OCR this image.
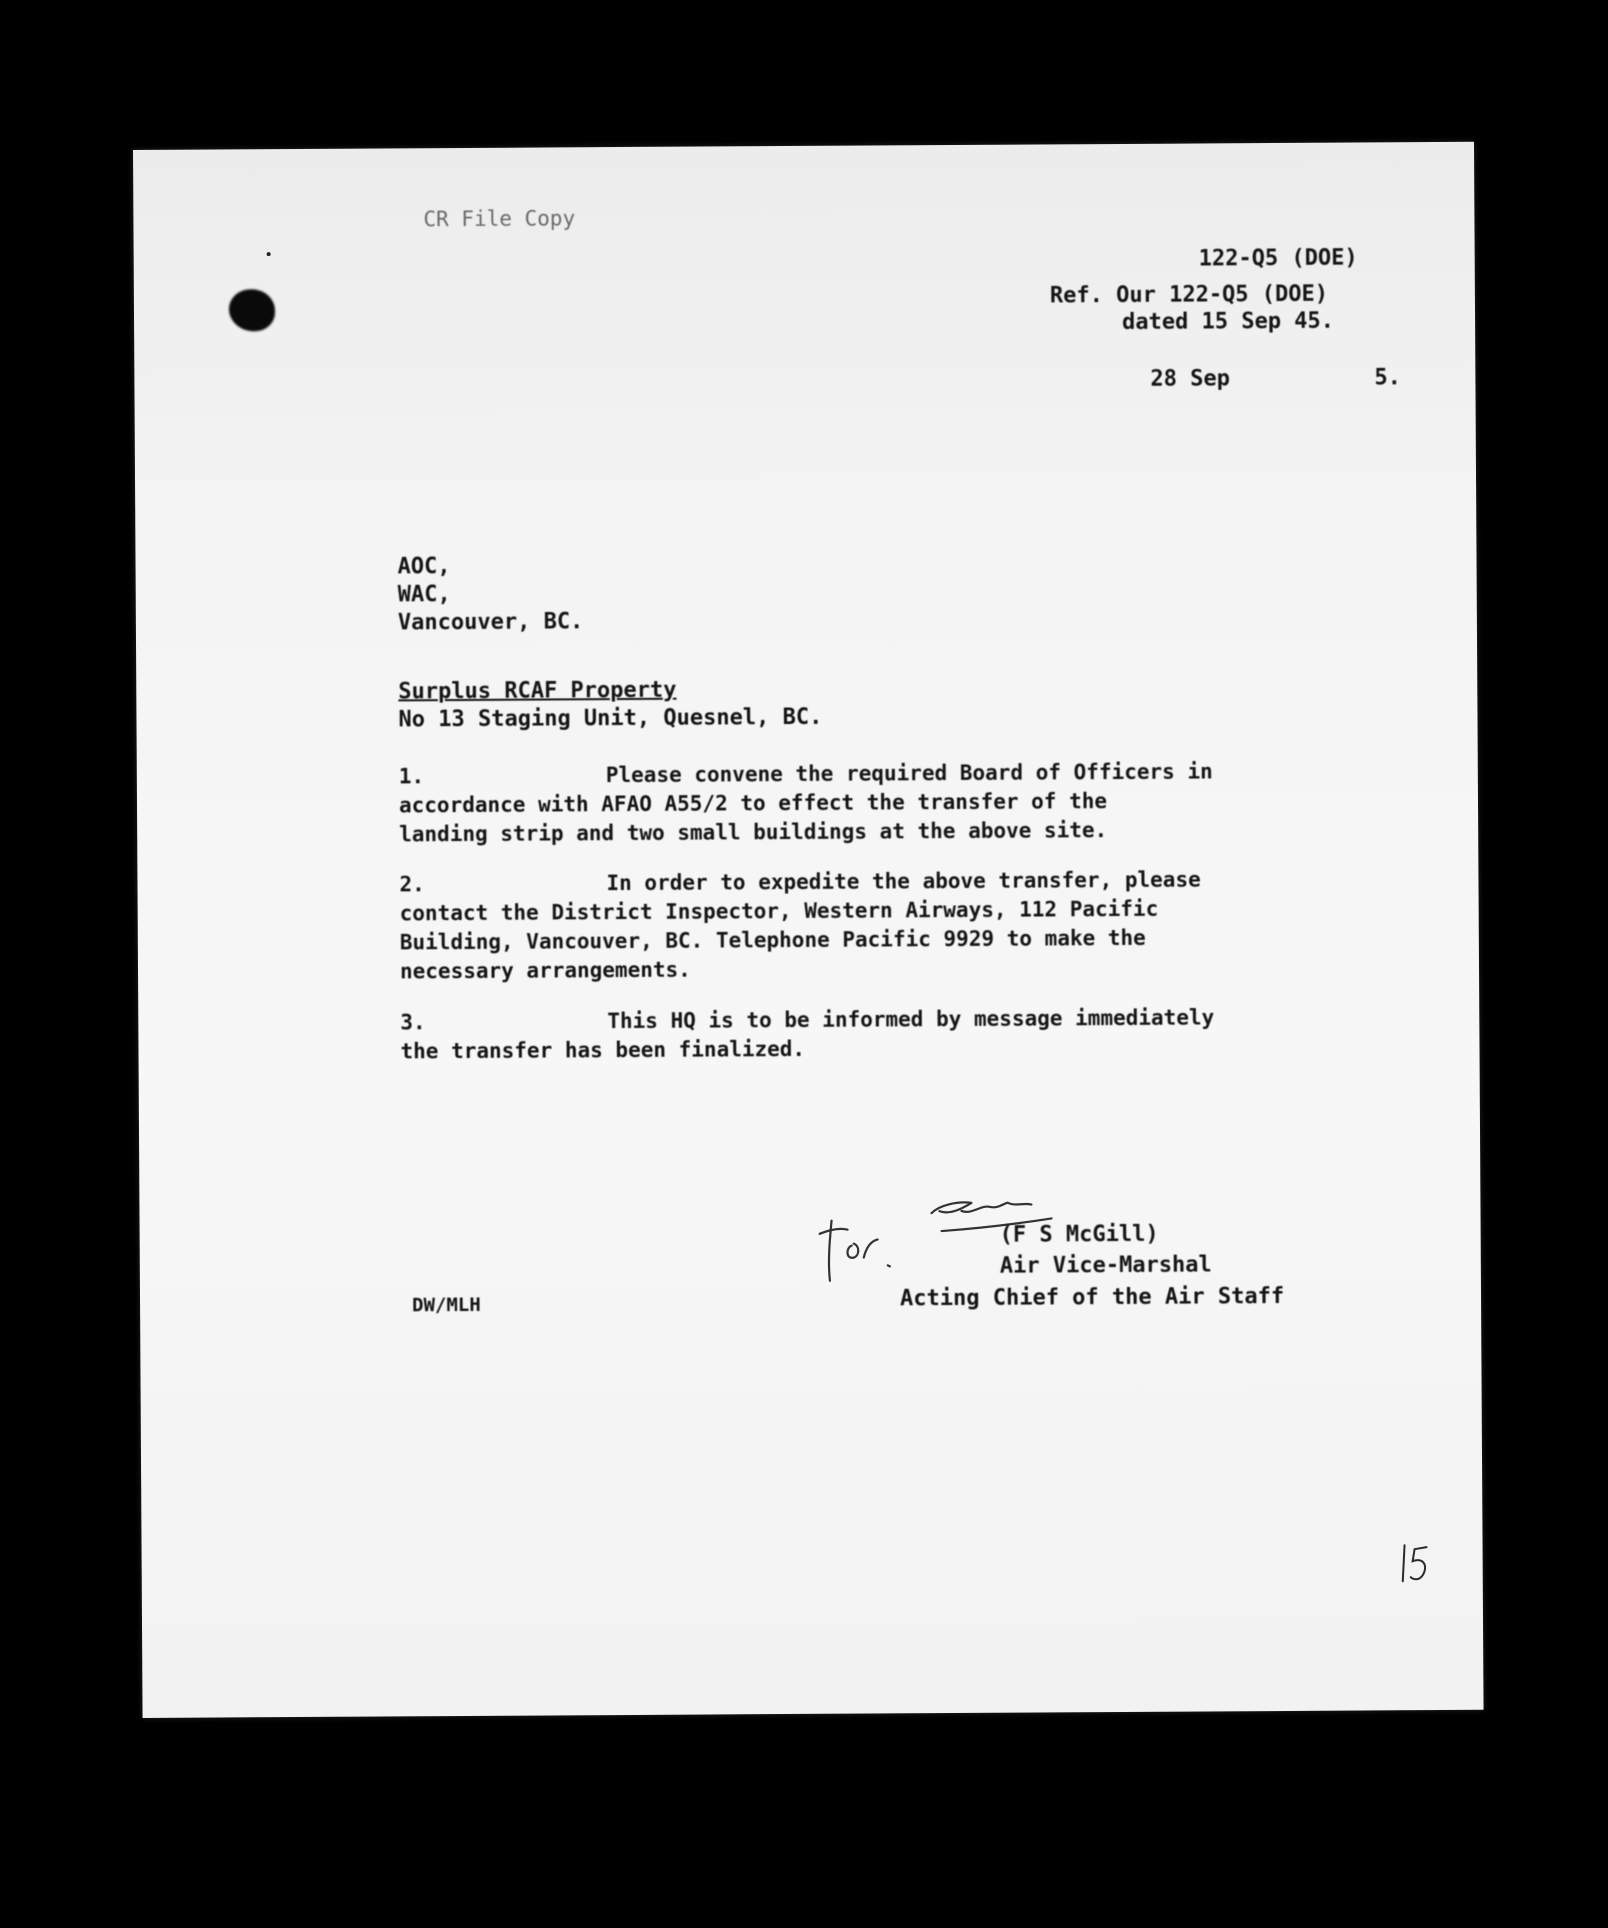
CR File Copy
122-Q5 (DOE)
Ref. Our 122-Q5 (DOE)
dated 15 Sep 45.
28 Sep	5.
AOC,
WAC,
Vancouver, BC.
Surplus RCAF Property
No 13 Staging Unit, Quesnel, BC.
1.	Please convene the required Board of Officers in
accordance with AFAO A55/2 to effect the transfer of the
landing strip and two small buildings at the above site.
2.	In order to expedite the above transfer, please
contact the District Inspector, Western Airways, 112 Pacific
Building, Vancouver, BC. Telephone Pacific 9929 to make the
necessary arrangements.
3.	This HQ is to be informed by message immediately
the transfer has been finalized.
(F S McGill)
Air Vice-Marshal
Acting Chief of the Air Staff
DW/MLH
